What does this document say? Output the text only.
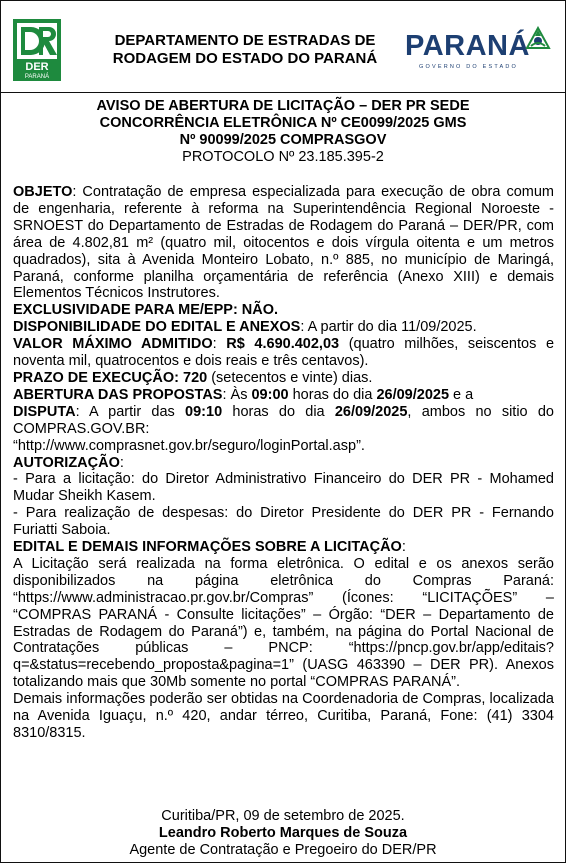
DER
PARANÁ
DEPARTAMENTO DE ESTRADAS DE
RODAGEM DO ESTADO DO PARANÁ PARANÁ
GOVERNO DO ESTADO
AVISO DE ABERTURA DE LICITAÇÃO – DER PR SEDE
CONCORRÊNCIA ELETRÔNICA Nº CE0099/2025 GMS
Nº 90099/2025 COMPRASGOV
PROTOCOLO Nº 23.185.395-2

OBJETO: Contratação de empresa especializada para execução de obra comum de engenharia, referente à reforma na Superintendência Regional Noroeste - SRNOEST do Departamento de Estradas de Rodagem do Paraná – DER/PR, com área de 4.802,81 m² (quatro mil, oitocentos e dois vírgula oitenta e um metros quadrados), sita à Avenida Monteiro Lobato, n.º 885, no município de Maringá, Paraná, conforme planilha orçamentária de referência (Anexo XIII) e demais Elementos Técnicos Instrutores.

EXCLUSIVIDADE PARA ME/EPP: NÃO.

DISPONIBILIDADE DO EDITAL E ANEXOS: A partir do dia 11/09/2025.

VALOR MÁXIMO ADMITIDO: R$ 4.690.402,03 (quatro milhões, seiscentos e noventa mil, quatrocentos e dois reais e três centavos).

PRAZO DE EXECUÇÃO: 720 (setecentos e vinte) dias.

ABERTURA DAS PROPOSTAS: Às 09:00 horas do dia 26/09/2025 e a

DISPUTA: A partir das 09:10 horas do dia 26/09/2025, ambos no sitio do COMPRAS.GOV.BR:

“http://www.comprasnet.gov.br/seguro/loginPortal.asp”.

AUTORIZAÇÃO:

- Para a licitação: do Diretor Administrativo Financeiro do DER PR - Mohamed Mudar Sheikh Kasem.

- Para realização de despesas: do Diretor Presidente do DER PR - Fernando Furiatti Saboia.

EDITAL E DEMAIS INFORMAÇÕES SOBRE A LICITAÇÃO:

A Licitação será realizada na forma eletrônica. O edital e os anexos serão disponibilizados na página eletrônica do Compras Paraná: “https://www.administracao.pr.gov.br/Compras” (Ícones: “LICITAÇÕES” – “COMPRAS PARANÁ - Consulte licitações” – Órgão: “DER – Departamento de Estradas de Rodagem do Paraná”) e, também, na página do Portal Nacional de Contratações públicas – PNCP: “https://pncp.gov.br/app/editais?q=&status=recebendo_proposta&pagina=1” (UASG 463390 – DER PR). Anexos totalizando mais que 30Mb somente no portal “COMPRAS PARANÁ”.

Demais informações poderão ser obtidas na Coordenadoria de Compras, localizada na Avenida Iguaçu, n.º 420, andar térreo, Curitiba, Paraná, Fone: (41) 3304 8310/8315.

Curitiba/PR, 09 de setembro de 2025.
Leandro Roberto Marques de Souza
Agente de Contratação e Pregoeiro do DER/PR
